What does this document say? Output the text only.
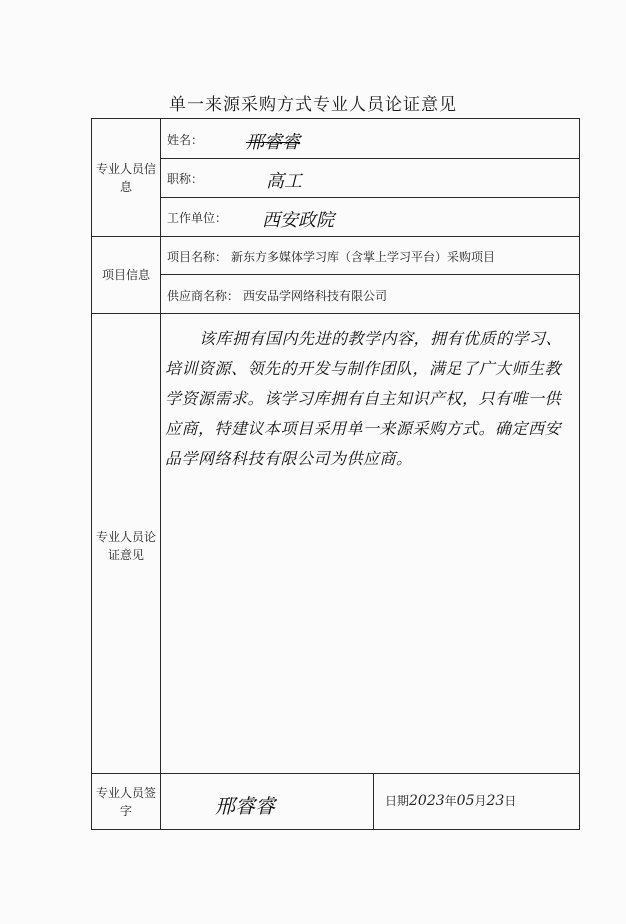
单一来源采购方式专业人员论证意见
专业人员信息
姓名： 邢睿睿
职称：	高工
工作单位： 西安政院
项目信息
项目名称： 新东方多媒体学习库（含掌上学习平台）采购项目
供应商名称： 西安品学网络科技有限公司
专业人员论证意见
该库拥有国内先进的教学内容，拥有优质的学习、培训资源、领先的开发与制作团队，满足了广大师生教学资源需求。该学习库拥有自主知识产权，只有唯一供应商，特建议本项目采用单一来源采购方式。确定西安品学网络科技有限公司为供应商。
专业人员签字	邢睿睿	日期2023年05月23日
